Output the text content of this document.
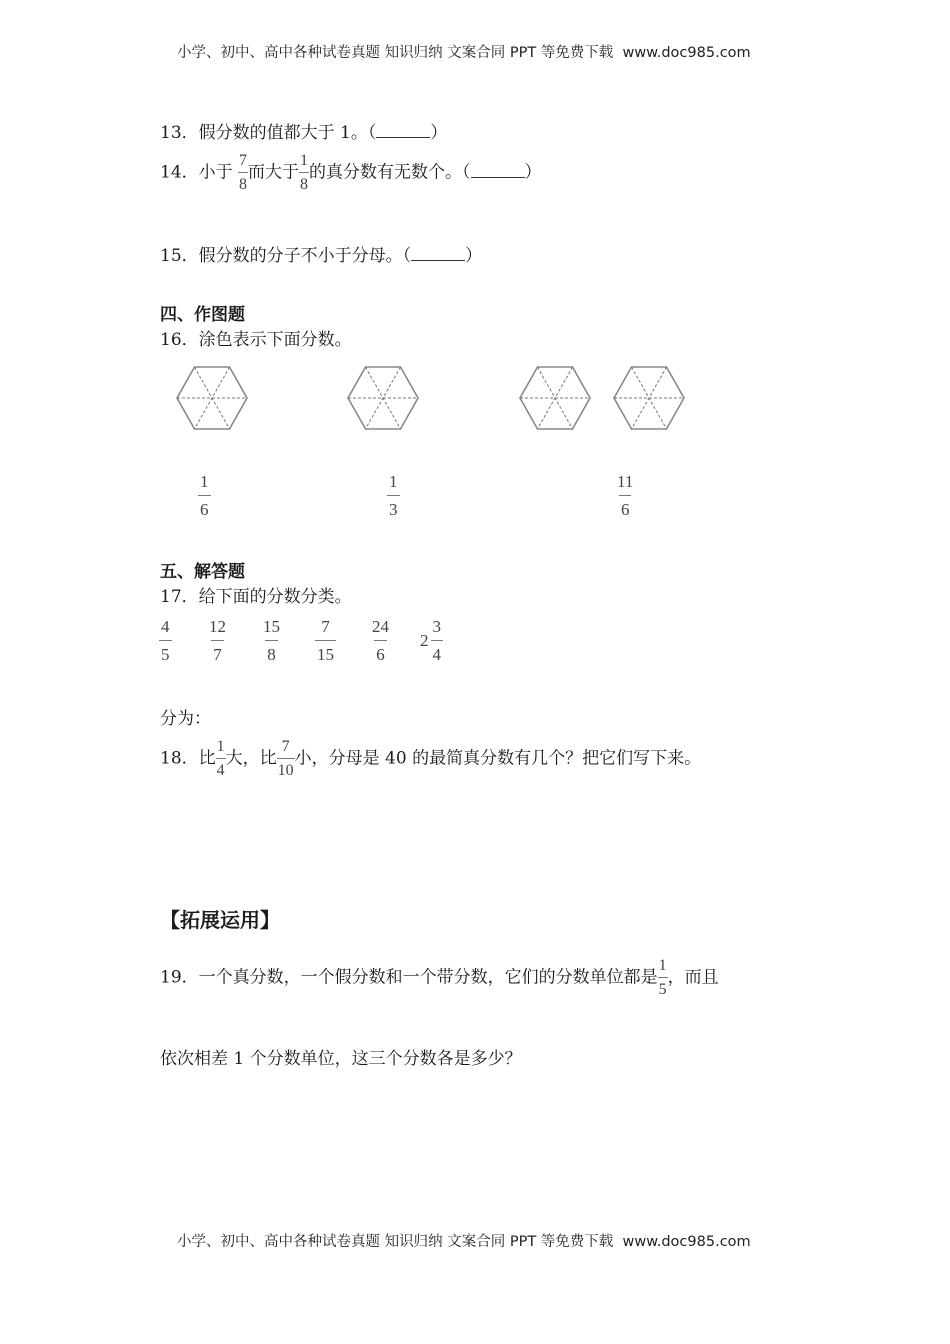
小学、初中、高中各种试卷真题 知识归纳 文案合同 PPT 等免费下载 www.doc985.com
13．假分数的值都大于 1。（	）
14．小于 $\frac{7}{8}$ 而大于 $\frac{1}{8}$ 的真分数有无数个。（	）
15．假分数的分子不小于分母。（	）
四、作图题
16．涂色表示下面分数。
$\frac{1}{6}$	$\frac{1}{3}$	$\frac{11}{6}$
五、解答题
17．给下面的分数分类。
$\frac{4}{5} \frac{12}{7} \frac{15}{8} \frac{7}{15} \frac{24}{6} 2 \frac{3}{4}$
分为：
18．比 $\frac{1}{4}$ 大，比 $\frac{7}{10}$ 小，分母是 40 的最简真分数有几个？把它们写下来。
【拓展运用】
19．一个真分数，一个假分数和一个带分数，它们的分数单位都是 $\frac{1}{5}$ ，而且
依次相差 1 个分数单位，这三个分数各是多少？
小学、初中、高中各种试卷真题 知识归纳 文案合同 PPT 等免费下载 www.doc985.com
